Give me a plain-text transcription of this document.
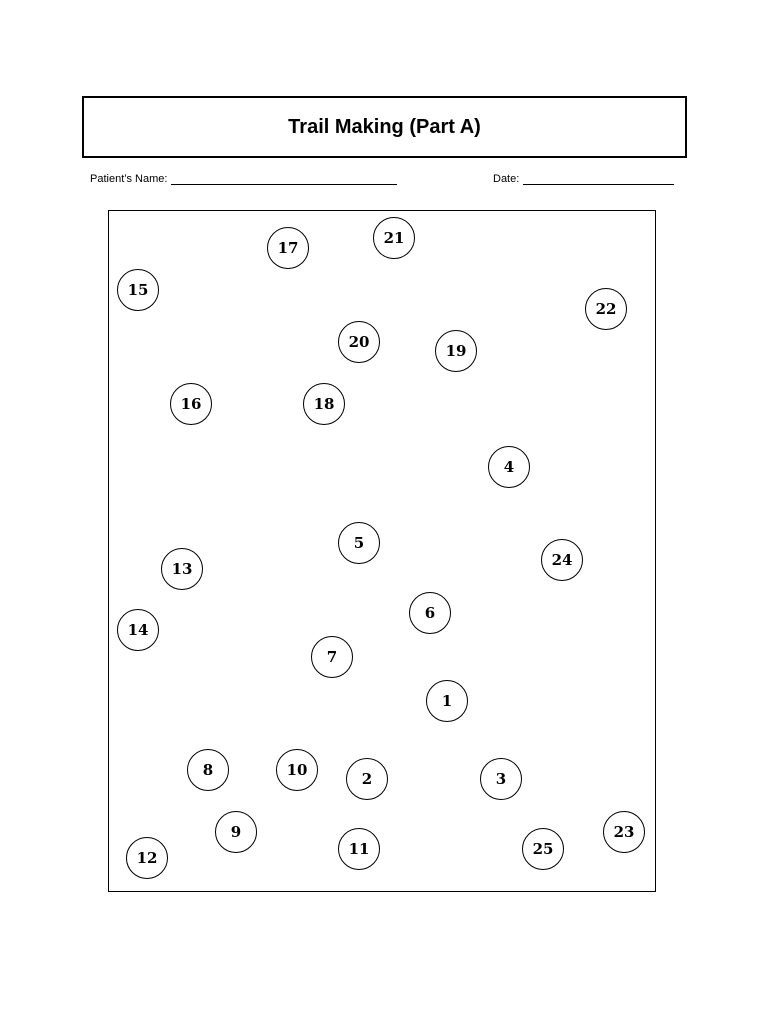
Trail Making (Part A)
Patient’s Name:	Date:
1
2	3
4
5
6
7
8
9
10
11
12
13
14
15
16
17
18
19
20
21
22
23
24
25
